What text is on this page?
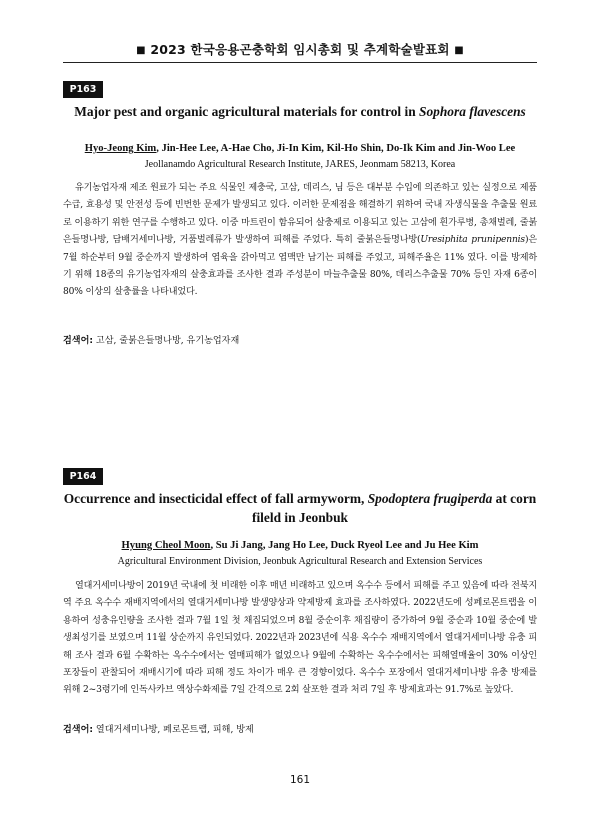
■ 2023 한국응용곤충학회 임시총회 및 추계학술발표회 ■
P163
Major pest and organic agricultural materials for control in Sophora flavescens
Hyo-Jeong Kim, Jin-Hee Lee, A-Hae Cho, Ji-In Kim, Kil-Ho Shin, Do-Ik Kim and Jin-Woo Lee
Jeollanamdo Agricultural Research Institute, JARES, Jeonmam 58213, Korea
유기농업자재 제조 원료가 되는 주요 식물인 제충국, 고삼, 데리스, 님 등은 대부분 수입에 의존하고 있는 실정으로 제품수급, 효용성 및 안전성 등에 빈번한 문제가 발생되고 있다. 이러한 문제점을 해결하기 위하여 국내 자생식물을 추출물 원료로 이용하기 위한 연구를 수행하고 있다. 이중 마트린이 함유되어 살충제로 이용되고 있는 고삼에 흰가루병, 총채벌레, 줄붉은들명나방, 담배거세미나방, 거품벌레류가 발생하여 피해를 주었다. 특히 줄붉은들명나방(Uresiphita prunipennis)은 7월 하순부터 9월 중순까지 발생하여 엽육을 갉아먹고 엽맥만 남기는 피해를 주었고, 피해주율은 11% 였다. 이를 방제하기 위해 18종의 유기농업자재의 살충효과를 조사한 결과 주성분이 마늘추출물 80%, 데리스추출물 70% 등인 자재 6종이 80% 이상의 살충률을 나타내었다.
검색어: 고삼, 줄붉은들명나방, 유기농업자재
P164
Occurrence and insecticidal effect of fall armyworm, Spodoptera frugiperda at corn
fileld in Jeonbuk
Hyung Cheol Moon, Su Ji Jang, Jang Ho Lee, Duck Ryeol Lee and Ju Hee Kim
Agricultural Environment Division, Jeonbuk Agricultural Research and Extension Services
열대거세미나방이 2019년 국내에 첫 비래한 이후 매년 비래하고 있으며 옥수수 등에서 피해를 주고 있음에 따라 전북지역 주요 옥수수 재배지역에서의 열대거세미나방 발생양상과 약제방제 효과를 조사하였다. 2022년도에 성페로몬트랩을 이용하여 성충유인량을 조사한 결과 7월 1일 첫 채집되었으며 8월 중순이후 채집량이 증가하여 9월 중순과 10월 중순에 발생최성기를 보였으며 11월 상순까지 유인되었다. 2022년과 2023년에 식용 옥수수 재배지역에서 열대거세미나방 유충 피해 조사 결과 6월 수확하는 옥수수에서는 열매피해가 없었으나 9월에 수확하는 옥수수에서는 피해열매율이 30% 이상인 포장들이 관찰되어 재배시기에 따라 피해 정도 차이가 매우 큰 경향이었다. 옥수수 포장에서 열대거세미나방 유충 방제를 위해 2~3령기에 인독사카브 액상수화제를 7일 간격으로 2회 살포한 결과 처리 7일 후 방제효과는 91.7%로 높았다.
검색어: 열대거세미나방, 페로몬트랩, 피해, 방제
161
